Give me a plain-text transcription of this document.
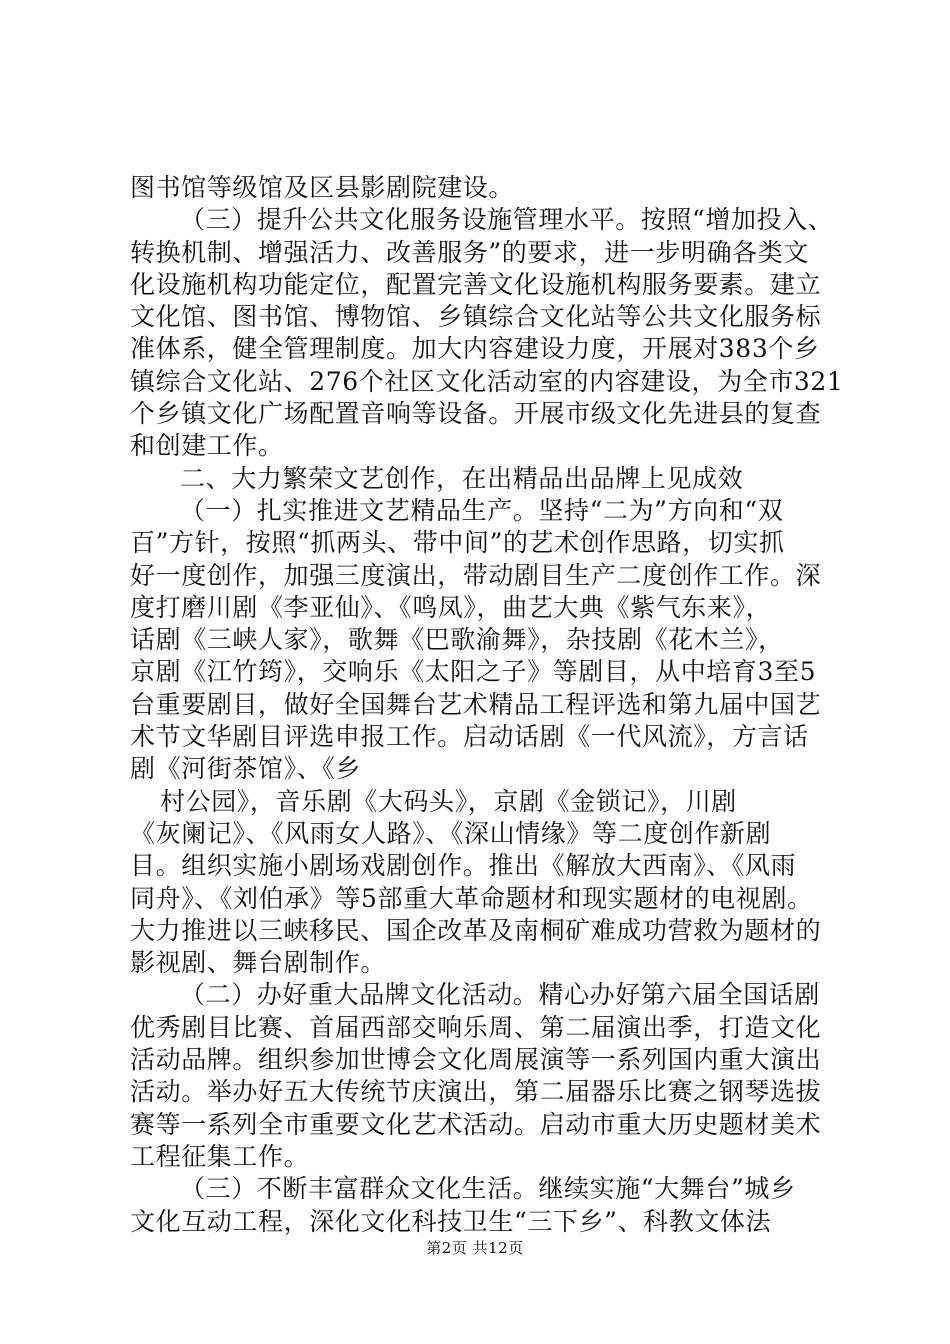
图书馆等级馆及区县影剧院建设。
（三）提升公共文化服务设施管理水平。按照“增加投入、
转换机制、增强活力、改善服务”的要求，进一步明确各类文
化设施机构功能定位，配置完善文化设施机构服务要素。建立
文化馆、图书馆、博物馆、乡镇综合文化站等公共文化服务标
准体系，健全管理制度。加大内容建设力度，开展对383个乡
镇综合文化站、276个社区文化活动室的内容建设，为全市321
个乡镇文化广场配置音响等设备。开展市级文化先进县的复查
和创建工作。
二、大力繁荣文艺创作，在出精品出品牌上见成效
（一）扎实推进文艺精品生产。坚持“二为”方向和“双
百”方针，按照“抓两头、带中间”的艺术创作思路，切实抓
好一度创作，加强三度演出，带动剧目生产二度创作工作。深
度打磨川剧《李亚仙》、《鸣凤》，曲艺大典《紫气东来》，
话剧《三峡人家》，歌舞《巴歌渝舞》，杂技剧《花木兰》，
京剧《江竹筠》，交响乐《太阳之子》等剧目，从中培育3至5
台重要剧目，做好全国舞台艺术精品工程评选和第九届中国艺
术节文华剧目评选申报工作。启动话剧《一代风流》，方言话
剧《河街茶馆》、《乡
村公园》，音乐剧《大码头》，京剧《金锁记》，川剧
《灰阑记》、《风雨女人路》、《深山情缘》等二度创作新剧
目。组织实施小剧场戏剧创作。推出《解放大西南》、《风雨
同舟》、《刘伯承》等5部重大革命题材和现实题材的电视剧。
大力推进以三峡移民、国企改革及南桐矿难成功营救为题材的
影视剧、舞台剧制作。
（二）办好重大品牌文化活动。精心办好第六届全国话剧
优秀剧目比赛、首届西部交响乐周、第二届演出季，打造文化
活动品牌。组织参加世博会文化周展演等一系列国内重大演出
活动。举办好五大传统节庆演出，第二届器乐比赛之钢琴选拔
赛等一系列全市重要文化艺术活动。启动市重大历史题材美术
工程征集工作。
（三）不断丰富群众文化生活。继续实施“大舞台”城乡
文化互动工程，深化文化科技卫生“三下乡”、科教文体法
第2页 共12页
